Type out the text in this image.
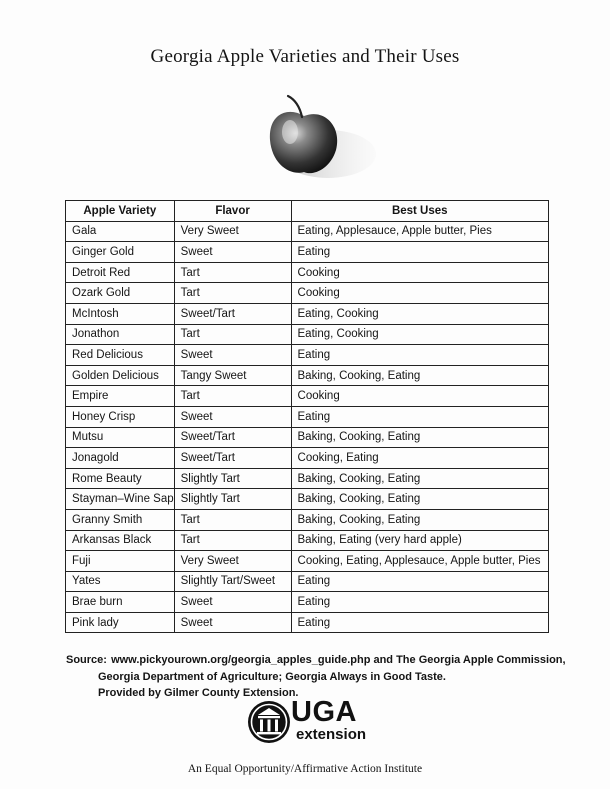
Georgia Apple Varieties and Their Uses
Apple Variety	Flavor	Best Uses
Gala	Very Sweet	Eating, Applesauce, Apple butter, Pies
Ginger Gold	Sweet	Eating
Detroit Red	Tart	Cooking
Ozark Gold	Tart	Cooking
McIntosh	Sweet/Tart	Eating, Cooking
Jonathon	Tart	Eating, Cooking
Red Delicious	Sweet	Eating
Golden Delicious	Tangy Sweet	Baking, Cooking, Eating
Empire	Tart	Cooking
Honey Crisp	Sweet	Eating
Mutsu	Sweet/Tart	Baking, Cooking, Eating
Jonagold	Sweet/Tart	Cooking, Eating
Rome Beauty	Slightly Tart	Baking, Cooking, Eating
Stayman–Wine Sap	Slightly Tart	Baking, Cooking, Eating
Granny Smith	Tart	Baking, Cooking, Eating
Arkansas Black	Tart	Baking, Eating (very hard apple)
Fuji	Very Sweet	Cooking, Eating, Applesauce, Apple butter, Pies
Yates	Slightly Tart/Sweet	Eating
Brae burn	Sweet	Eating
Pink lady	Sweet	Eating
Source: www.pickyourown.org/georgia_apples_guide.php and The Georgia Apple Commission,
Georgia Department of Agriculture; Georgia Always in Good Taste.
Provided by Gilmer County Extension.
UGA
extension
An Equal Opportunity/Affirmative Action Institute
